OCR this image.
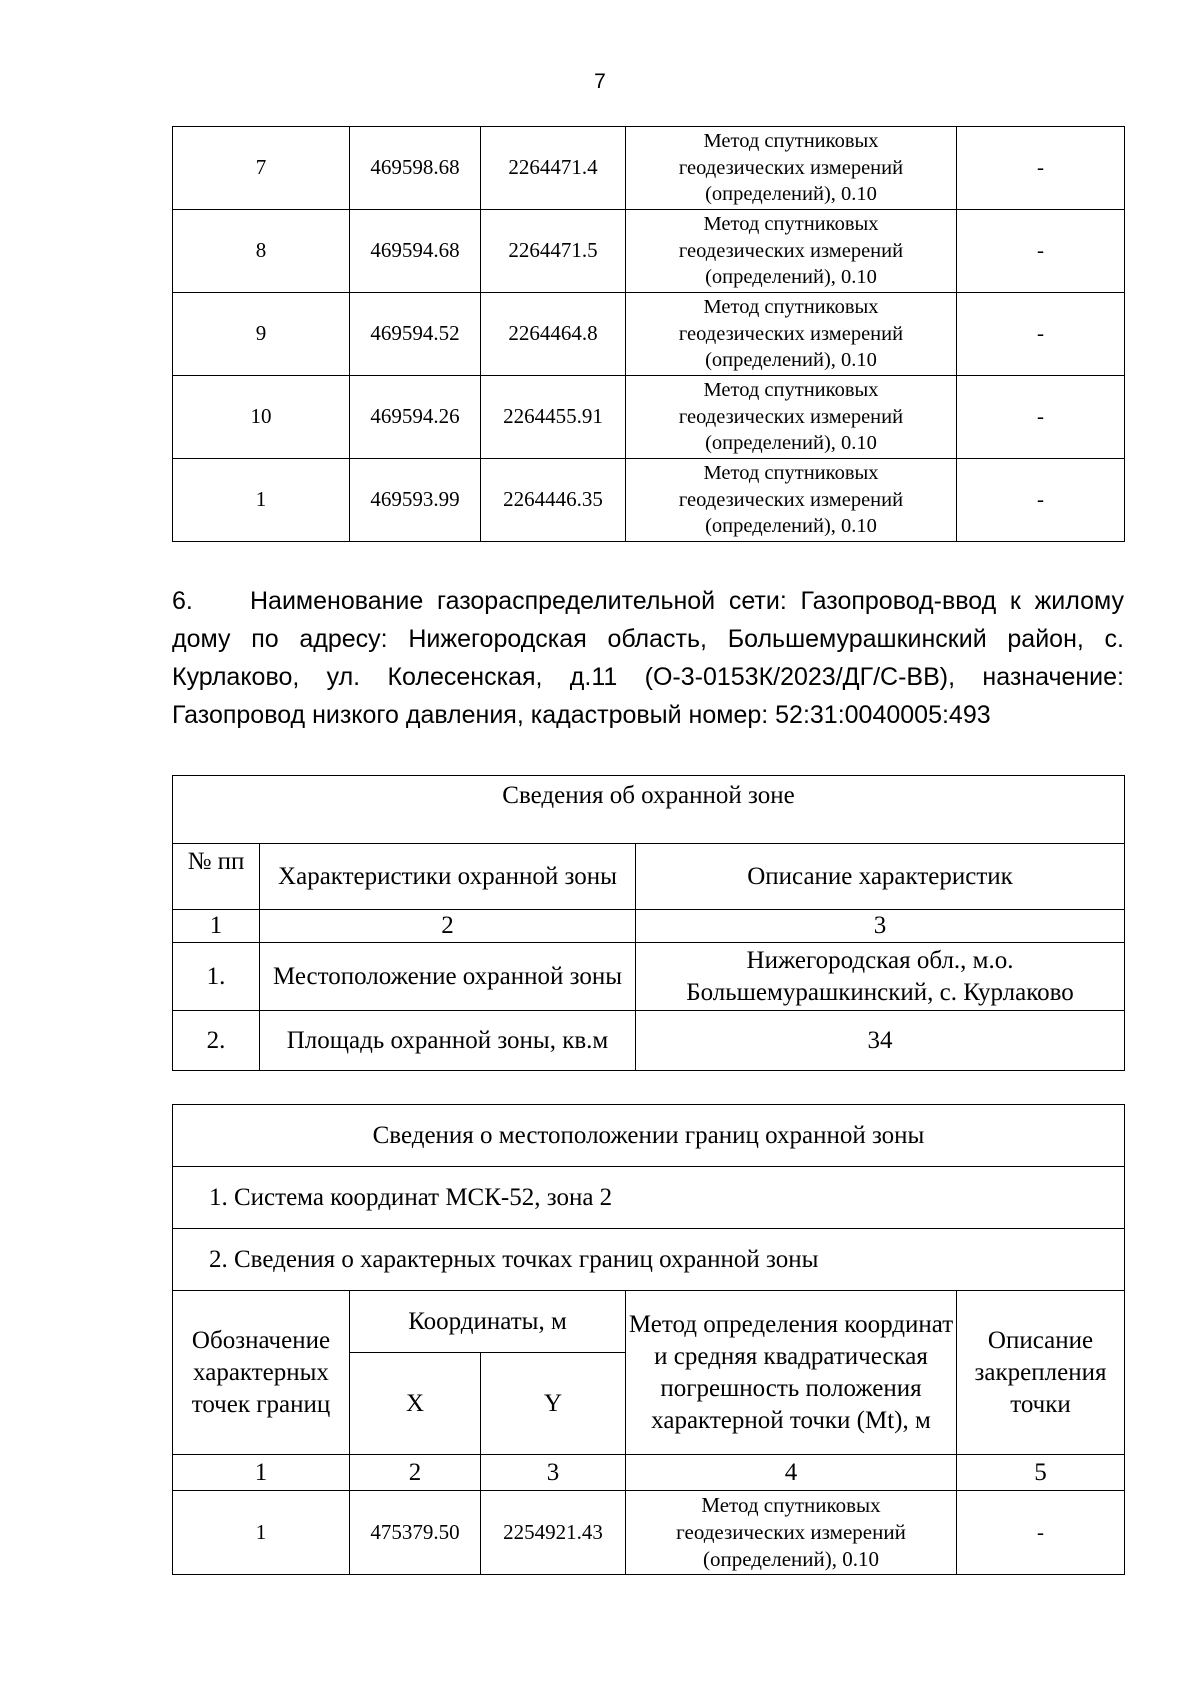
7
7	469598.68	2264471.4	Метод спутниковых
геодезических измерений
(определений), 0.10	-
8	469594.68	2264471.5	Метод спутниковых
геодезических измерений
(определений), 0.10	-
9	469594.52	2264464.8	Метод спутниковых
геодезических измерений
(определений), 0.10	-
10	469594.26	2264455.91	Метод спутниковых
геодезических измерений
(определений), 0.10	-
1	469593.99	2264446.35	Метод спутниковых
геодезических измерений
(определений), 0.10	-

6. Наименование газораспределительной сети: Газопровод-ввод к жилому дому по адресу: Нижегородская область, Большемурашкинский район, с. Курлаково, ул. Колесенская, д.11 (О-3-0153К/2023/ДГ/С-ВВ), назначение: Газопровод низкого давления, кадастровый номер: 52:31:0040005:493

Сведения об охранной зоне		
№ пп	Характеристики охранной зоны	Описание характеристик
1	2	3
1.	Местоположение охранной зоны	Нижегородская обл., м.о. Большемурашкинский, с. Курлаково
2.	Площадь охранной зоны, кв.м	34
Сведения о местоположении границ охранной зоны				
1. Система координат МСК-52, зона 2				
2. Сведения о характерных точках границ охранной зоны				
Обозначение характерных точек границ	Координаты, м		Метод определения координат и средняя квадратическая погрешность положения характерной точки (Mt), м	Описание закрепления точки
	X	Y		
1	2	3	4	5
1	475379.50	2254921.43	Метод спутниковых
геодезических измерений
(определений), 0.10	-
